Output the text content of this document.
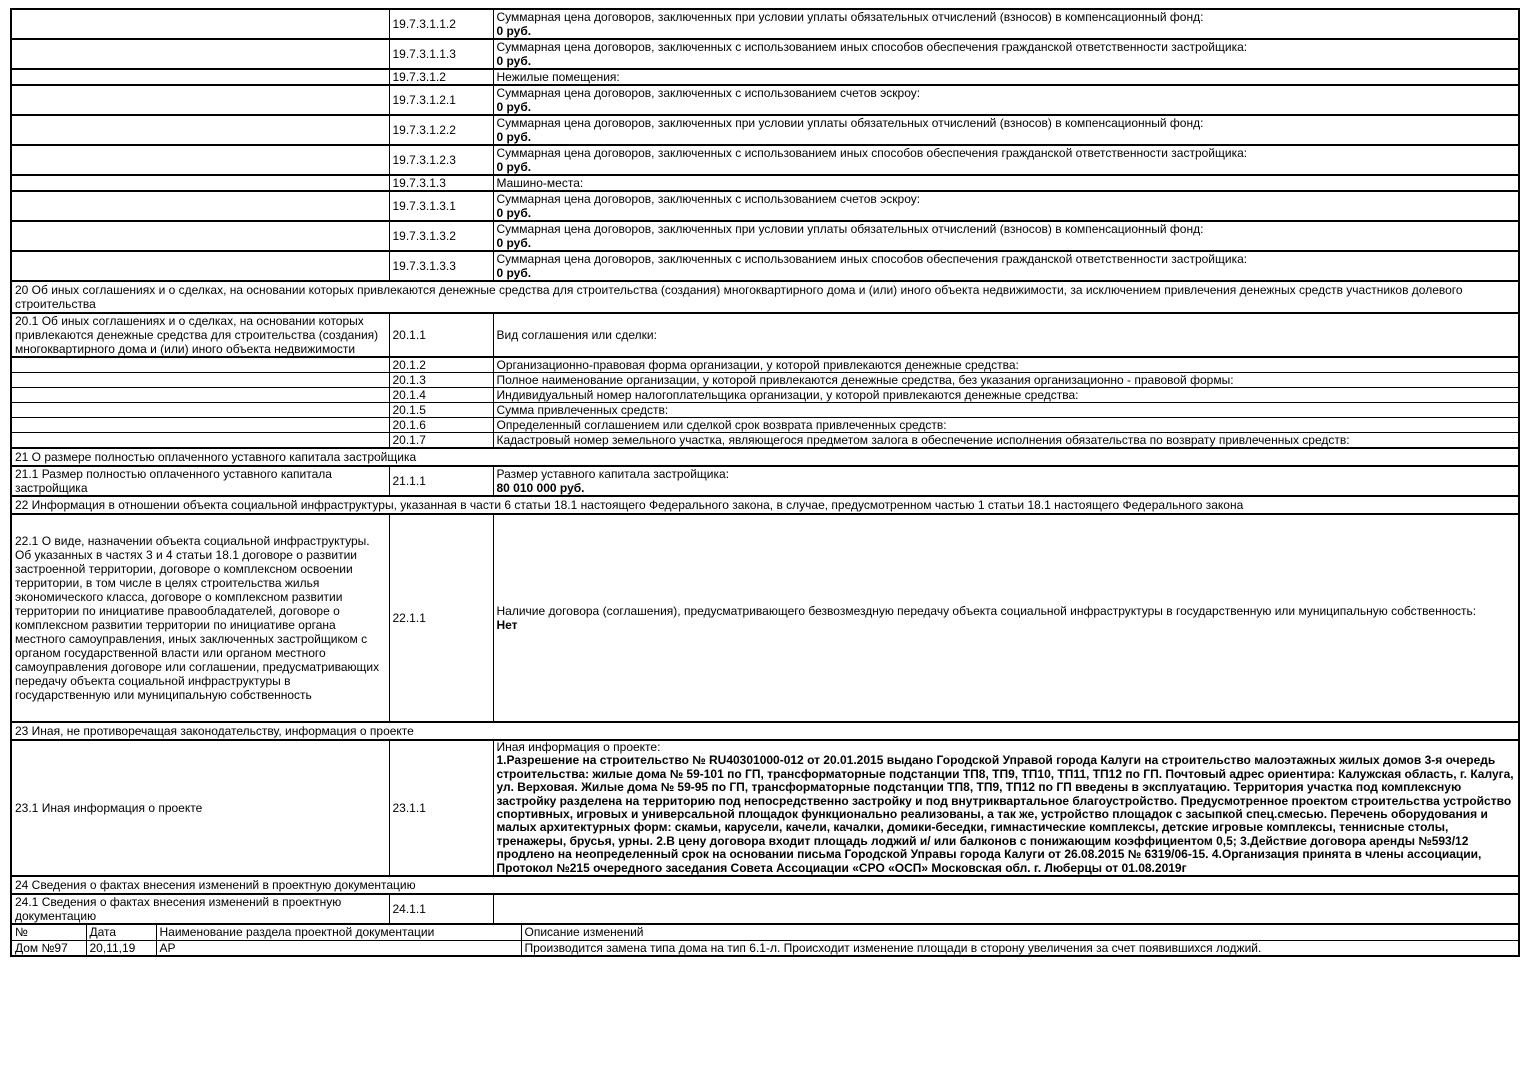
	19.7.3.1.1.2	Суммарная цена договоров, заключенных при условии уплаты обязательных отчислений (взносов) в компенсационный фонд:
0 руб.

	19.7.3.1.1.3	Суммарная цена договоров, заключенных с использованием иных способов обеспечения гражданской ответственности застройщика:
0 руб.

	19.7.3.1.2	Нежилые помещения:

	19.7.3.1.2.1	Суммарная цена договоров, заключенных с использованием счетов эскроу:
0 руб.

	19.7.3.1.2.2	Суммарная цена договоров, заключенных при условии уплаты обязательных отчислений (взносов) в компенсационный фонд:
0 руб.

	19.7.3.1.2.3	Суммарная цена договоров, заключенных с использованием иных способов обеспечения гражданской ответственности застройщика:
0 руб.

	19.7.3.1.3	Машино-места:

	19.7.3.1.3.1	Суммарная цена договоров, заключенных с использованием счетов эскроу:
0 руб.

	19.7.3.1.3.2	Суммарная цена договоров, заключенных при условии уплаты обязательных отчислений (взносов) в компенсационный фонд:
0 руб.

	19.7.3.1.3.3	Суммарная цена договоров, заключенных с использованием иных способов обеспечения гражданской ответственности застройщика:
0 руб.

20 Об иных соглашениях и о сделках, на основании которых привлекаются денежные средства для строительства (создания) многоквартирного дома и (или) иного объекта недвижимости, за исключением привлечения денежных средств участников долевого строительства		

20.1 Об иных соглашениях и о сделках, на основании которых привлекаются денежные средства для строительства (создания) многоквартирного дома и (или) иного объекта недвижимости	20.1.1	Вид соглашения или сделки:

	20.1.2	Организационно-правовая форма организации, у которой привлекаются денежные средства:

	20.1.3	Полное наименование организации, у которой привлекаются денежные средства, без указания организационно - правовой формы:

	20.1.4	Индивидуальный номер налогоплательщика организации, у которой привлекаются денежные средства:

	20.1.5	Сумма привлеченных средств:

	20.1.6	Определенный соглашением или сделкой срок возврата привлеченных средств:

	20.1.7	Кадастровый номер земельного участка, являющегося предметом залога в обеспечение исполнения обязательства по возврату привлеченных средств:

21 О размере полностью оплаченного уставного капитала застройщика		

21.1 Размер полностью оплаченного уставного капитала застройщика	21.1.1	Размер уставного капитала застройщика:
80 010 000 руб.

22 Информация в отношении объекта социальной инфраструктуры, указанная в части 6 статьи 18.1 настоящего Федерального закона, в случае, предусмотренном частью 1 статьи 18.1 настоящего Федерального закона		

22.1 О виде, назначении объекта социальной инфраструктуры. Об указанных в частях 3 и 4 статьи 18.1 договоре о развитии застроенной территории, договоре о комплексном освоении территории, в том числе в целях строительства жилья экономического класса, договоре о комплексном развитии территории по инициативе правообладателей, договоре о комплексном развитии территории по инициативе органа местного самоуправления, иных заключенных застройщиком с органом государственной власти или органом местного самоуправления договоре или соглашении, предусматривающих передачу объекта социальной инфраструктуры в государственную или муниципальную собственность	22.1.1	Наличие договора (соглашения), предусматривающего безвозмездную передачу объекта социальной инфраструктуры в государственную или муниципальную собственность:
Нет

23 Иная, не противоречащая законодательству, информация о проекте		

23.1 Иная информация о проекте	23.1.1	Иная информация о проекте:
1.Разрешение на строительство № RU40301000-012 от 20.01.2015 выдано Городской Управой города Калуги на строительство малоэтажных жилых домов 3-я очередь строительства: жилые дома № 59-101 по ГП, трансформаторные подстанции ТП8, ТП9, ТП10, ТП11, ТП12 по ГП. Почтовый адрес ориентира: Калужская область, г. Калуга, ул. Верховая. Жилые дома № 59-95 по ГП, трансформаторные подстанции ТП8, ТП9, ТП12 по ГП введены в эксплуатацию. Территория участка под комплексную застройку разделена на территорию под непосредственно застройку и под внутриквартальное благоустройство. Предусмотренное проектом строительства устройство спортивных, игровых и универсальной площадок функционально реализованы, а так же, устройство площадок с засыпкой спец.смесью. Перечень оборудования и малых архитектурных форм: скамьи, карусели, качели, качалки, домики-беседки, гимнастические комплексы, детские игровые комплексы, теннисные столы, тренажеры, брусья, урны. 2.В цену договора входит площадь лоджий и/ или балконов с понижающим коэффициентом 0,5; 3.Действие договора аренды №593/12 продлено на неопределенный срок на основании письма Городской Управы города Калуги от 26.08.2015 № 6319/06-15. 4.Организация принята в члены ассоциации, Протокол №215 очередного заседания Совета Ассоциации «СРО «ОСП» Московская обл. г. Люберцы от 01.08.2019г

24 Сведения о фактах внесения изменений в проектную документацию		

24.1 Сведения о фактах внесения изменений в проектную документацию	24.1.1	
№	Дата	Наименование раздела проектной документации	Описание изменений
Дом №97	20,11,19	АР	Производится замена типа дома на тип 6.1-л. Происходит изменение площади в сторону увеличения за счет появившихся лоджий.
